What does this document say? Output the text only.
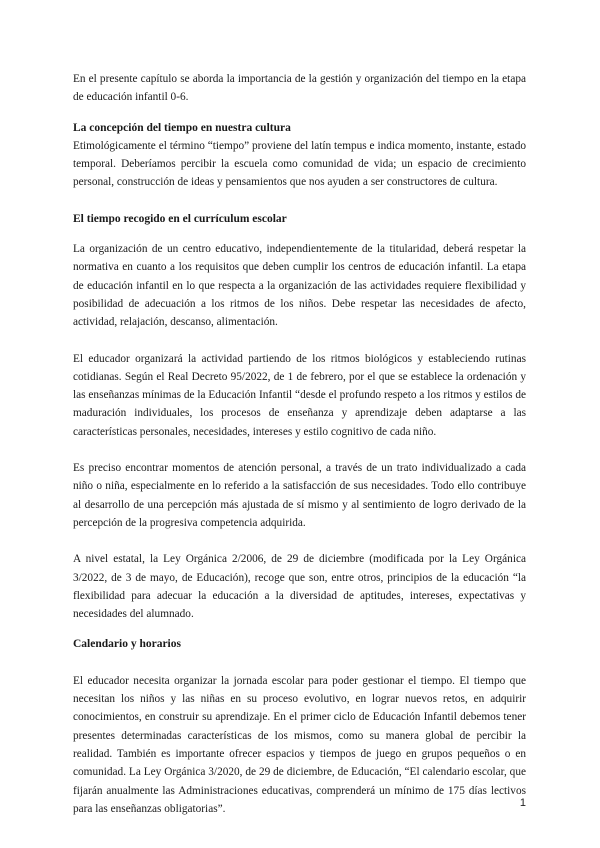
En el presente capítulo se aborda la importancia de la gestión y organización del tiempo en la etapa de educación infantil 0-6.

La concepción del tiempo en nuestra cultura

Etimológicamente el término “tiempo” proviene del latín tempus e indica momento, instante, estado temporal. Deberíamos percibir la escuela como comunidad de vida; un espacio de crecimiento personal, construcción de ideas y pensamientos que nos ayuden a ser constructores de cultura.

El tiempo recogido en el currículum escolar

La organización de un centro educativo, independientemente de la titularidad, deberá respetar la normativa en cuanto a los requisitos que deben cumplir los centros de educación infantil. La etapa de educación infantil en lo que respecta a la organización de las actividades requiere flexibilidad y posibilidad de adecuación a los ritmos de los niños. Debe respetar las necesidades de afecto, actividad, relajación, descanso, alimentación.

El educador organizará la actividad partiendo de los ritmos biológicos y estableciendo rutinas cotidianas. Según el Real Decreto 95/2022, de 1 de febrero, por el que se establece la ordenación y las enseñanzas mínimas de la Educación Infantil “desde el profundo respeto a los ritmos y estilos de maduración individuales, los procesos de enseñanza y aprendizaje deben adaptarse a las características personales, necesidades, intereses y estilo cognitivo de cada niño.

Es preciso encontrar momentos de atención personal, a través de un trato individualizado a cada niño o niña, especialmente en lo referido a la satisfacción de sus necesidades. Todo ello contribuye al desarrollo de una percepción más ajustada de sí mismo y al sentimiento de logro derivado de la percepción de la progresiva competencia adquirida.

A nivel estatal, la Ley Orgánica 2/2006, de 29 de diciembre (modificada por la Ley Orgánica 3/2022, de 3 de mayo, de Educación), recoge que son, entre otros, principios de la educación “la flexibilidad para adecuar la educación a la diversidad de aptitudes, intereses, expectativas y necesidades del alumnado.

Calendario y horarios

El educador necesita organizar la jornada escolar para poder gestionar el tiempo. El tiempo que necesitan los niños y las niñas en su proceso evolutivo, en lograr nuevos retos, en adquirir conocimientos, en construir su aprendizaje. En el primer ciclo de Educación Infantil debemos tener presentes determinadas características de los mismos, como su manera global de percibir la realidad. También es importante ofrecer espacios y tiempos de juego en grupos pequeños o en comunidad. La Ley Orgánica 3/2020, de 29 de diciembre, de Educación, “El calendario escolar, que fijarán anualmente las Administraciones educativas, comprenderá un mínimo de 175 días lectivos para las enseñanzas obligatorias”.	1
